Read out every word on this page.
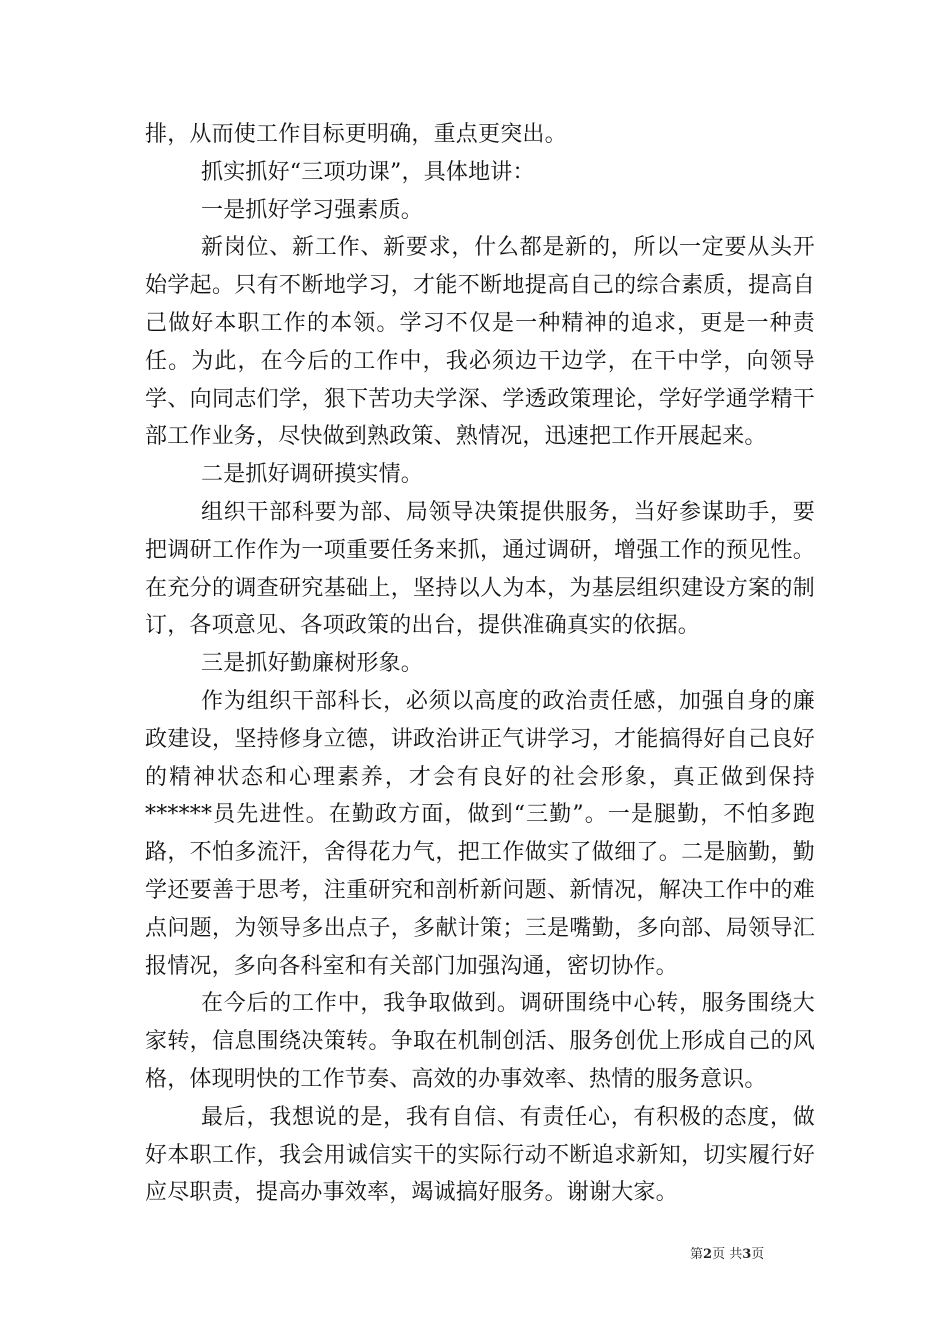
排，从而使工作目标更明确，重点更突出。

抓实抓好“三项功课”，具体地讲：

一是抓好学习强素质。

新岗位、新工作、新要求，什么都是新的，所以一定要从头开始学起。只有不断地学习，才能不断地提高自己的综合素质，提高自己做好本职工作的本领。学习不仅是一种精神的追求，更是一种责任。为此，在今后的工作中，我必须边干边学，在干中学，向领导学、向同志们学，狠下苦功夫学深、学透政策理论，学好学通学精干部工作业务，尽快做到熟政策、熟情况，迅速把工作开展起来。

二是抓好调研摸实情。

组织干部科要为部、局领导决策提供服务，当好参谋助手，要把调研工作作为一项重要任务来抓，通过调研，增强工作的预见性。在充分的调查研究基础上，坚持以人为本，为基层组织建设方案的制订，各项意见、各项政策的出台，提供准确真实的依据。

三是抓好勤廉树形象。

作为组织干部科长，必须以高度的政治责任感，加强自身的廉政建设，坚持修身立德，讲政治讲正气讲学习，才能搞得好自己良好的精神状态和心理素养，才会有良好的社会形象，真正做到保持******员先进性。在勤政方面，做到“三勤”。一是腿勤，不怕多跑路，不怕多流汗，舍得花力气，把工作做实了做细了。二是脑勤，勤学还要善于思考，注重研究和剖析新问题、新情况，解决工作中的难点问题，为领导多出点子，多献计策；三是嘴勤，多向部、局领导汇报情况，多向各科室和有关部门加强沟通，密切协作。

在今后的工作中，我争取做到。调研围绕中心转，服务围绕大家转，信息围绕决策转。争取在机制创活、服务创优上形成自己的风格，体现明快的工作节奏、高效的办事效率、热情的服务意识。

最后，我想说的是，我有自信、有责任心，有积极的态度，做好本职工作，我会用诚信实干的实际行动不断追求新知，切实履行好应尽职责，提高办事效率，竭诚搞好服务。谢谢大家。

第2页 共3页
